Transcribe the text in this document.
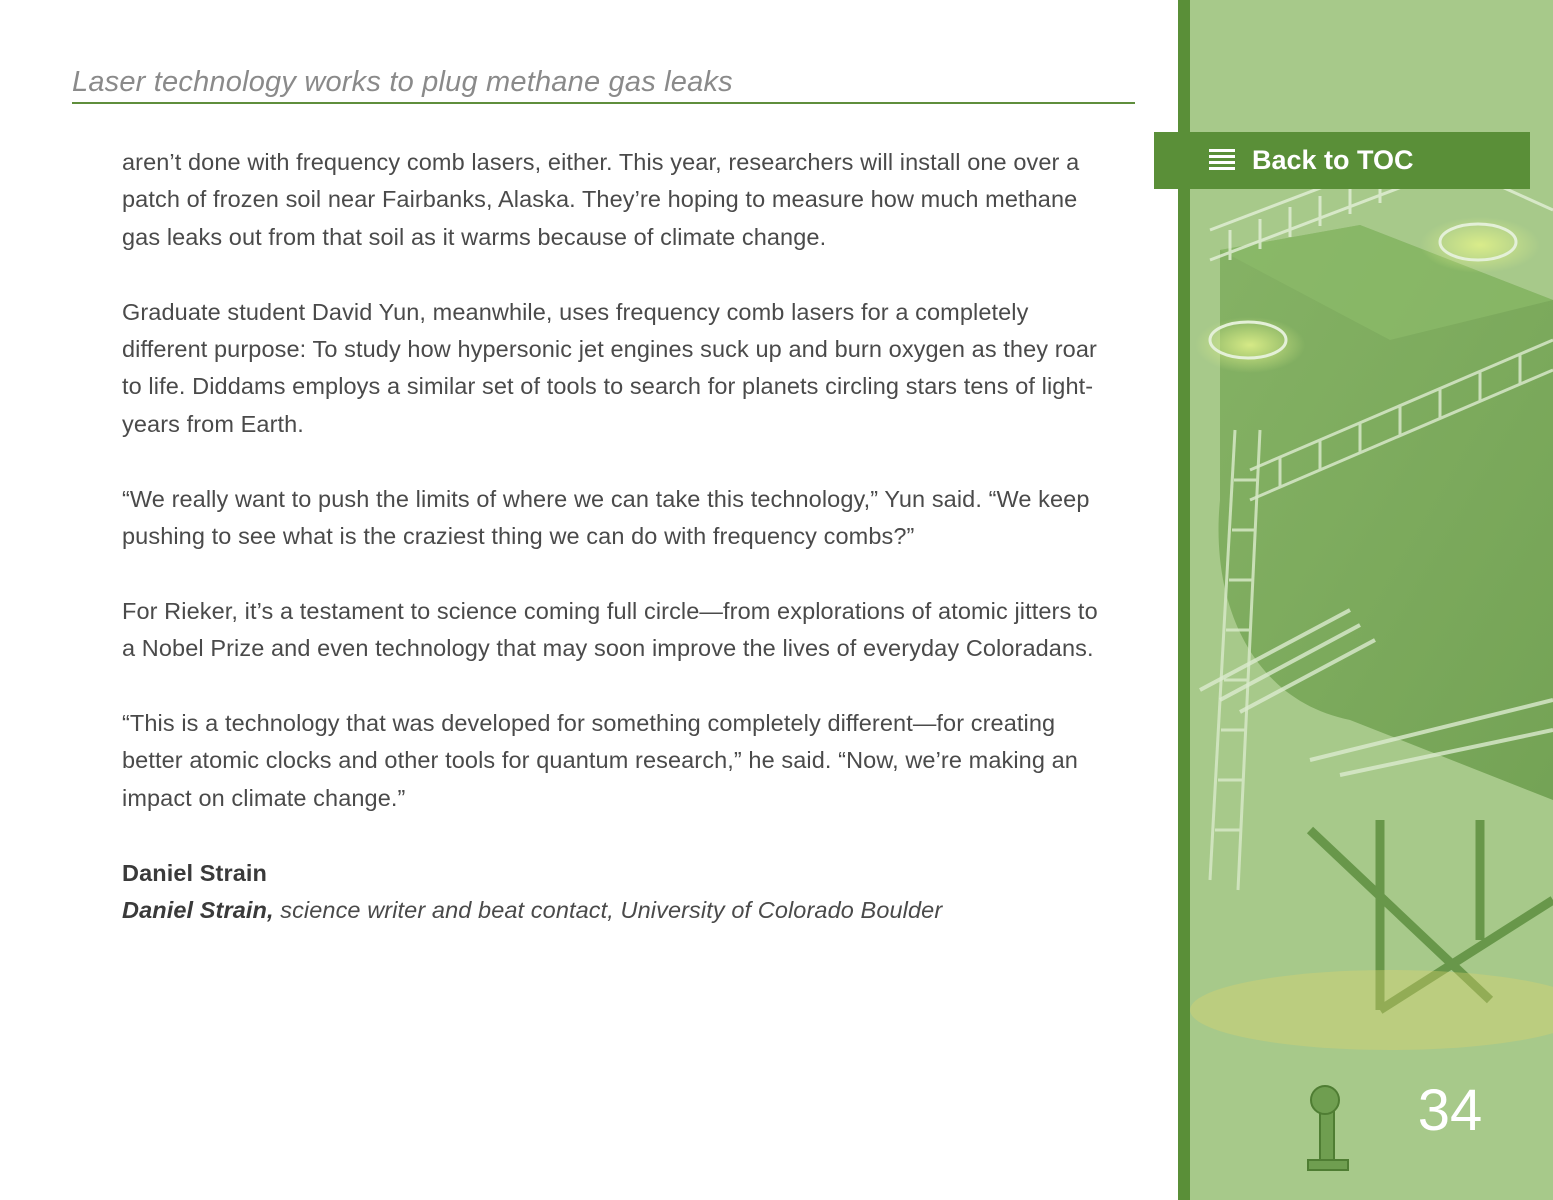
Laser technology works to plug methane gas leaks

aren’t done with frequency comb lasers, either. This year, researchers will install one over a patch of frozen soil near Fairbanks, Alaska. They’re hoping to measure how much methane gas leaks out from that soil as it warms because of climate change.

Graduate student David Yun, meanwhile, uses frequency comb lasers for a completely different purpose: To study how hypersonic jet engines suck up and burn oxygen as they roar to life. Diddams employs a similar set of tools to search for planets circling stars tens of light-years from Earth.

“We really want to push the limits of where we can take this technology,” Yun said. “We keep pushing to see what is the craziest thing we can do with frequency combs?”

For Rieker, it’s a testament to science coming full circle—from explorations of atomic jitters to a Nobel Prize and even technology that may soon improve the lives of everyday Coloradans.

“This is a technology that was developed for something completely different—for creating better atomic clocks and other tools for quantum research,” he said. “Now, we’re making an impact on climate change.”

Daniel Strain
Daniel Strain, science writer and beat contact, University of Colorado Boulder
Back to TOC
34
